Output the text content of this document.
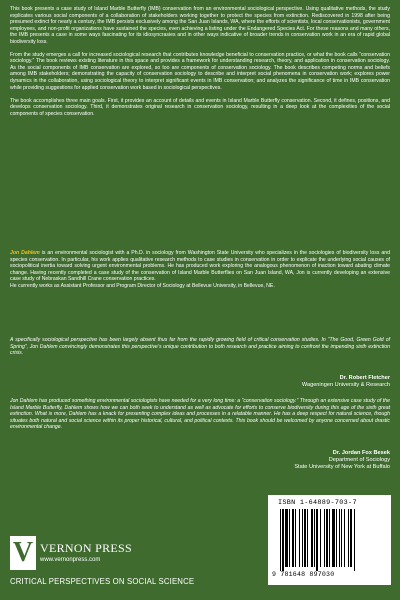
This book presents a case study of Island Marble Butterfly (IMB) conservation from an environmental sociological perspective. Using qualitative methods, the study explicates various social components of a collaboration of stakeholders working together to protect the species from extinction. Rediscovered in 1998 after being presumed extinct for nearly a century, the IMB persists exclusively among the San Juan Islands, WA, where the efforts of scientists, local conservationists, government employees, and non-profit organizations have sustained the species, even achieving a listing under the Endangered Species Act. For these reasons and many others, the IMB presents a case in some ways fascinating for its idiosyncrasies and in other ways indicative of broader trends in conservation work in an era of rapid global biodiversity loss.

From the study emerges a call for increased sociological research that contributes knowledge beneficial to conservation practice, or what the book calls “conservation sociology.” The book reviews existing literature in this space and provides a framework for understanding research, theory, and application in conservation sociology. As the social components of IMB conservation are explored, so too are components of conservation sociology. The book describes competing norms and beliefs among IMB stakeholders; demonstrating the capacity of conservation sociology to describe and interpret social phenomena in conservation work; explores power dynamics in the collaboration, using sociological theory to interpret significant events in IMB conservation; and analyzes the significance of time in IMB conservation while providing suggestions for applied conservation work based in sociological perspectives.

The book accomplishes three main goals. First, it provides an account of details and events in Island Marble Butterfly conservation. Second, it defines, positions, and develops conservation sociology. Third, it demonstrates original research in conservation sociology, resulting in a deep look at the complexities of the social components of species conservation.

Jon Dahlem is an environmental sociologist with a Ph.D. in sociology from Washington State University who specializes in the sociologies of biodiversity loss and species conservation. In particular, his work applies qualitative research methods to case studies in conservation in order to explicate the underlying social causes of sociopolitical inertia toward solving urgent environmental problems. He has produced work exploring the analogous phenomenon of inaction toward abating climate change. Having recently completed a case study of the conservation of Island Marble Butterflies on San Juan Island, WA, Jon is currently developing an extensive case study of Nebraskan Sandhill Crane conservation practices.

He currently works as Assistant Professor and Program Director of Sociology at Bellevue University, in Bellevue, NE.

A specifically sociological perspective has been largely absent thus far from the rapidly growing field of critical conservation studies. In “The Good, Green Gold of Spring”, Jon Dahlem convincingly demonstrates this perspective’s unique contribution to both research and practice aiming to confront the impending sixth extinction crisis.
Dr. Robert Fletcher
Wageningen University & Research
Jon Dahlem has produced something environmental sociologists have needed for a very long time: a “conservation sociology.” Through an extensive case study of the Island Marble Butterfly, Dahlem shows how we can both seek to understand as well as advocate for efforts to conserve biodiversity during this age of the sixth great extinction. What is more, Dahlem has a knack for presenting complex ideas and processes in a relatable manner. He has a deep respect for natural science, though situates both natural and social science within its proper historical, cultural, and political contexts. This book should be welcomed by anyone concerned about drastic environmental change.
Dr. Jordan Fox Besek
Department of Sociology
State University of New York at Buffalo
V VERNON PRESS
www.vernonpress.com
CRITICAL PERSPECTIVES ON SOCIAL SCIENCE
ISBN 1-64889-703-7
9 781648 897030
